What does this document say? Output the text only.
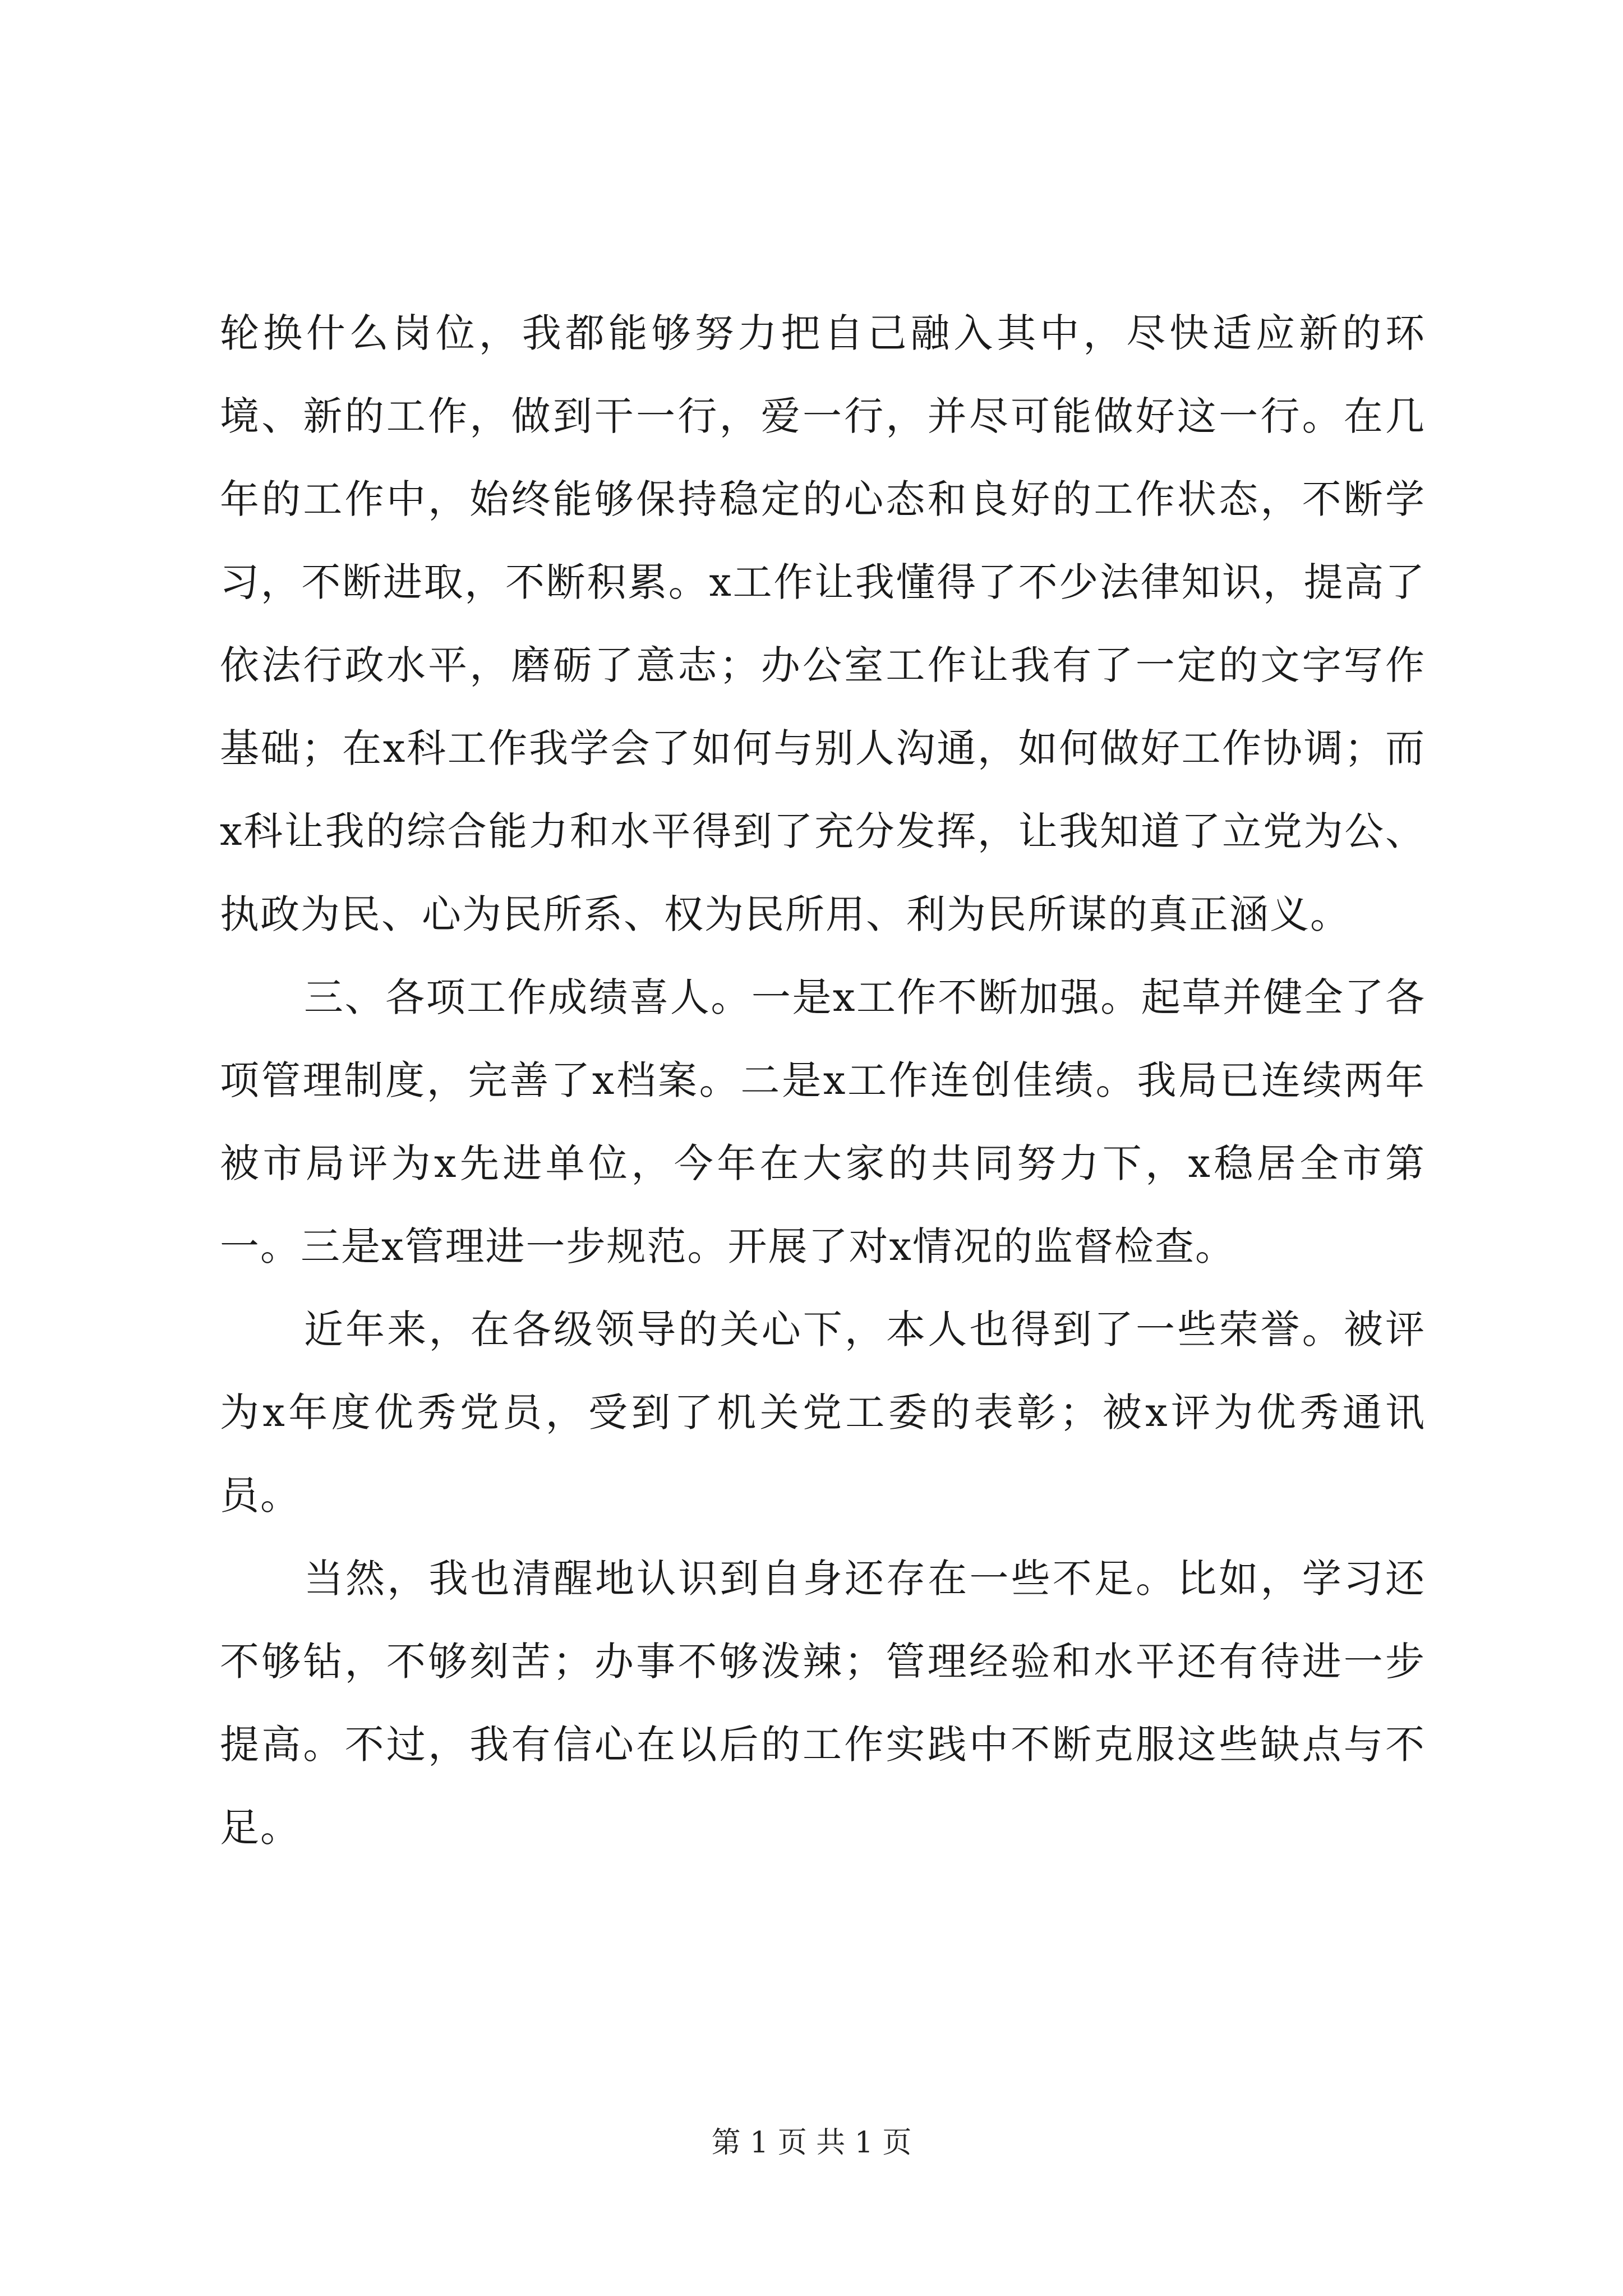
轮换什么岗位，我都能够努力把自己融入其中，尽快适应新的环境、新的工作，做到干一行，爱一行，并尽可能做好这一行。在几年的工作中，始终能够保持稳定的心态和良好的工作状态，不断学习，不断进取，不断积累。x工作让我懂得了不少法律知识，提高了依法行政水平，磨砺了意志；办公室工作让我有了一定的文字写作基础；在x科工作我学会了如何与别人沟通，如何做好工作协调；而x科让我的综合能力和水平得到了充分发挥，让我知道了立党为公、执政为民、心为民所系、权为民所用、利为民所谋的真正涵义。

三、各项工作成绩喜人。一是x工作不断加强。起草并健全了各项管理制度，完善了x档案。二是x工作连创佳绩。我局已连续两年被市局评为x先进单位，今年在大家的共同努力下，x稳居全市第一。三是x管理进一步规范。开展了对x情况的监督检查。

近年来，在各级领导的关心下，本人也得到了一些荣誉。被评为x年度优秀党员，受到了机关党工委的表彰；被x评为优秀通讯员。

当然，我也清醒地认识到自身还存在一些不足。比如，学习还不够钻，不够刻苦；办事不够泼辣；管理经验和水平还有待进一步提高。不过，我有信心在以后的工作实践中不断克服这些缺点与不足。

第 1 页 共 1 页
